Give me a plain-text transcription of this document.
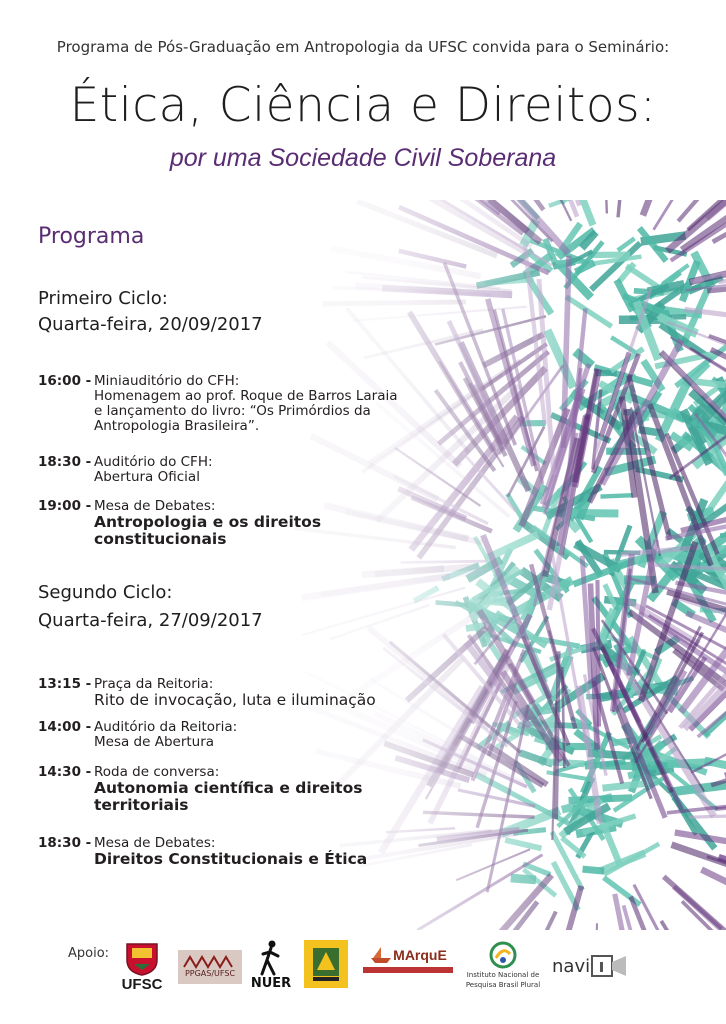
Programa de Pós-Graduação em Antropologia da UFSC convida para o Seminário:
Ética, Ciência e Direitos:
por uma Sociedade Civil Soberana
Programa
Primeiro Ciclo:
Quarta-feira, 20/09/2017
16:00 - Miniauditório do CFH:
Homenagem ao prof. Roque de Barros Laraia
e lançamento do livro: “Os Primórdios da
Antropologia Brasileira”.
18:30 - Auditório do CFH:
Abertura Oficial
19:00 - Mesa de Debates:
Antropologia e os direitos
constitucionais
Segundo Ciclo:
Quarta-feira, 27/09/2017
13:15 - Praça da Reitoria:
Rito de invocação, luta e iluminação
14:00 - Auditório da Reitoria:
Mesa de Abertura
14:30 - Roda de conversa:
Autonomia científica e direitos
territoriais
18:30 - Mesa de Debates:
Direitos Constitucionais e Ética
Apoio:
UFSC
PPGAS/UFSC
NUER
MArquE
Instituto Nacional de Pesquisa Brasil Plural
navi
